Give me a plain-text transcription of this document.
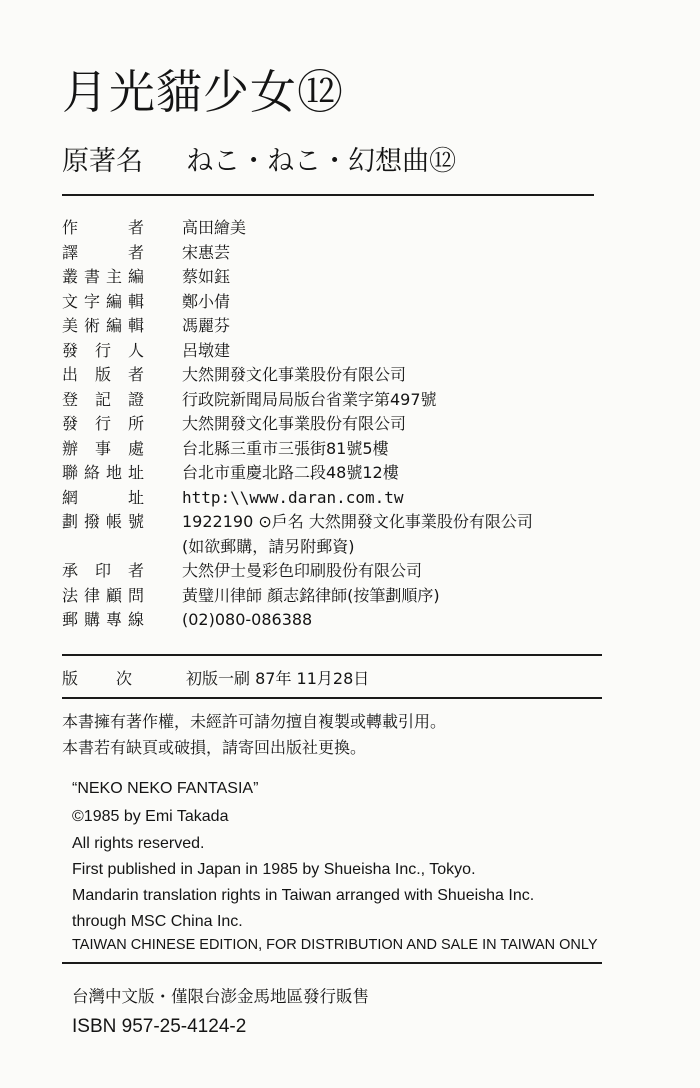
月光貓少女⑫
原著名 ねこ・ねこ・幻想曲⑫
作	者 高田繪美
譯	者 宋惠芸
叢 書 主 編 蔡如鈺
文 字 編 輯 鄭小倩
美 術 編 輯 馮麗芬
發 行 人 呂墩建
出 版 者 大然開發文化事業股份有限公司
登 記 證 行政院新聞局局版台省業字第497號
發 行 所 大然開發文化事業股份有限公司
辦 事 處 台北縣三重市三張街81號5樓
聯 絡 地 址 台北市重慶北路二段48號12樓
網	址 http:\\www.daran.com.tw
劃 撥 帳 號 1922190 ⊙戶名 大然開發文化事業股份有限公司
(如欲郵購，請另附郵資)
承 印 者 大然伊士曼彩色印刷股份有限公司
法 律 顧 問 黃璧川律師 顏志銘律師(按筆劃順序)
郵 購 專 線 (02)080-086388
版次 初版一刷 87年 11月28日
本書擁有著作權，未經許可請勿擅自複製或轉載引用。
本書若有缺頁或破損，請寄回出版社更換。
“NEKO NEKO FANTASIA”
©1985 by Emi Takada
All rights reserved.
First published in Japan in 1985 by Shueisha Inc., Tokyo.
Mandarin translation rights in Taiwan arranged with Shueisha Inc.
through MSC China Inc.
TAIWAN CHINESE EDITION, FOR DISTRIBUTION AND SALE IN TAIWAN ONLY
台灣中文版・僅限台澎金馬地區發行販售
ISBN 957-25-4124-2
